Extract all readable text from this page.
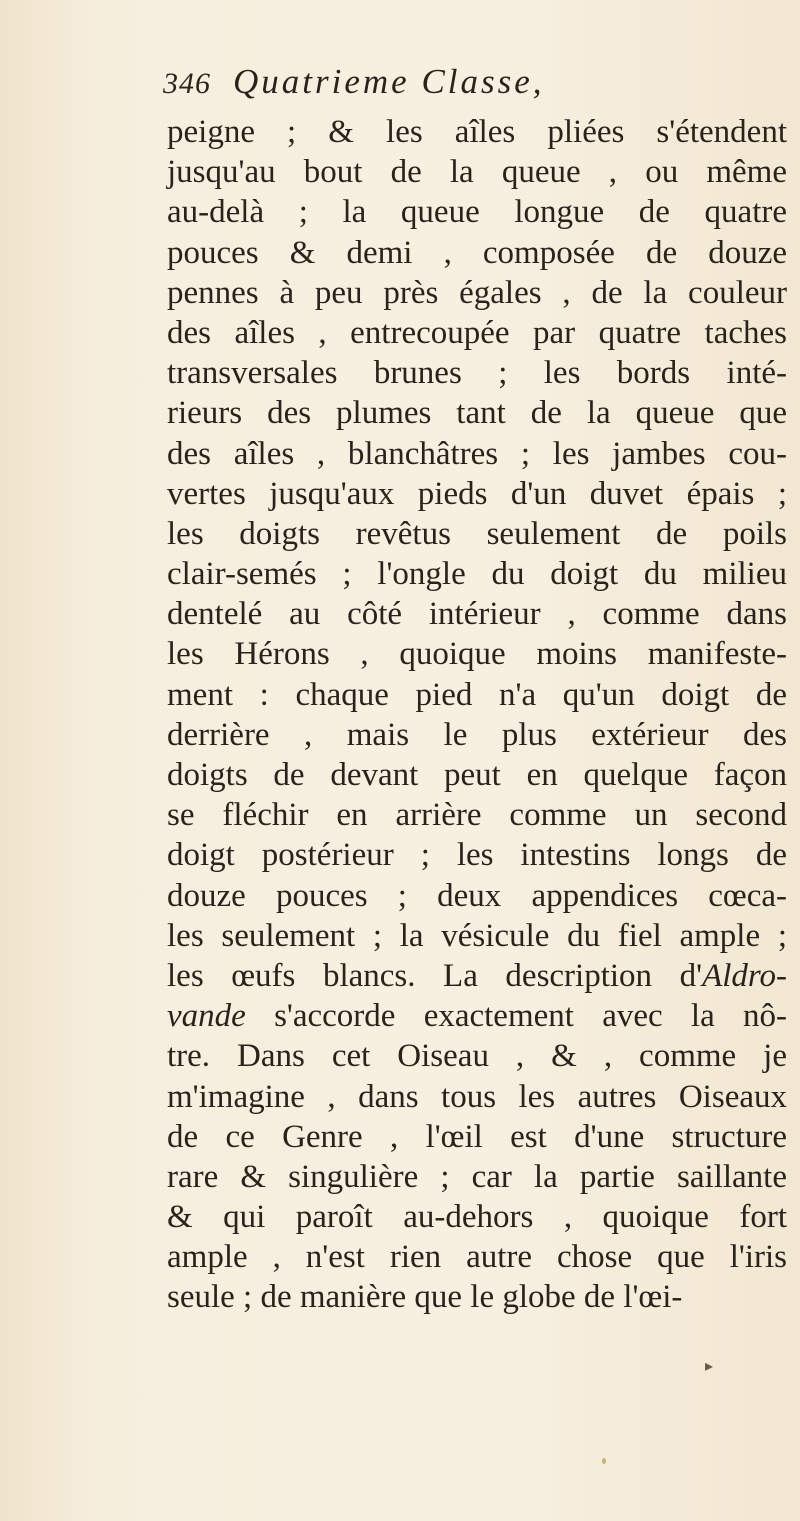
346 Quatrieme Classe,
peigne ; & les aîles pliées s'étendent
jusqu'au bout de la queue , ou même
au-delà ; la queue longue de quatre
pouces & demi , composée de douze
pennes à peu près égales , de la couleur
des aîles , entrecoupée par quatre taches
transversales brunes ; les bords inté-
rieurs des plumes tant de la queue que
des aîles , blanchâtres ; les jambes cou-
vertes jusqu'aux pieds d'un duvet épais ;
les doigts revêtus seulement de poils
clair-semés ; l'ongle du doigt du milieu
dentelé au côté intérieur , comme dans
les Hérons , quoique moins manifeste-
ment : chaque pied n'a qu'un doigt de
derrière , mais le plus extérieur des
doigts de devant peut en quelque façon
se fléchir en arrière comme un second
doigt postérieur ; les intestins longs de
douze pouces ; deux appendices cœca-
les seulement ; la vésicule du fiel ample ;
les œufs blancs. La description d'Aldro-
vande s'accorde exactement avec la nô-
tre. Dans cet Oiseau , & , comme je
m'imagine , dans tous les autres Oiseaux
de ce Genre , l'œil est d'une structure
rare & singulière ; car la partie saillante
& qui paroît au-dehors , quoique fort
ample , n'est rien autre chose que l'iris
seule ; de manière que le globe de l'œi-
▸
